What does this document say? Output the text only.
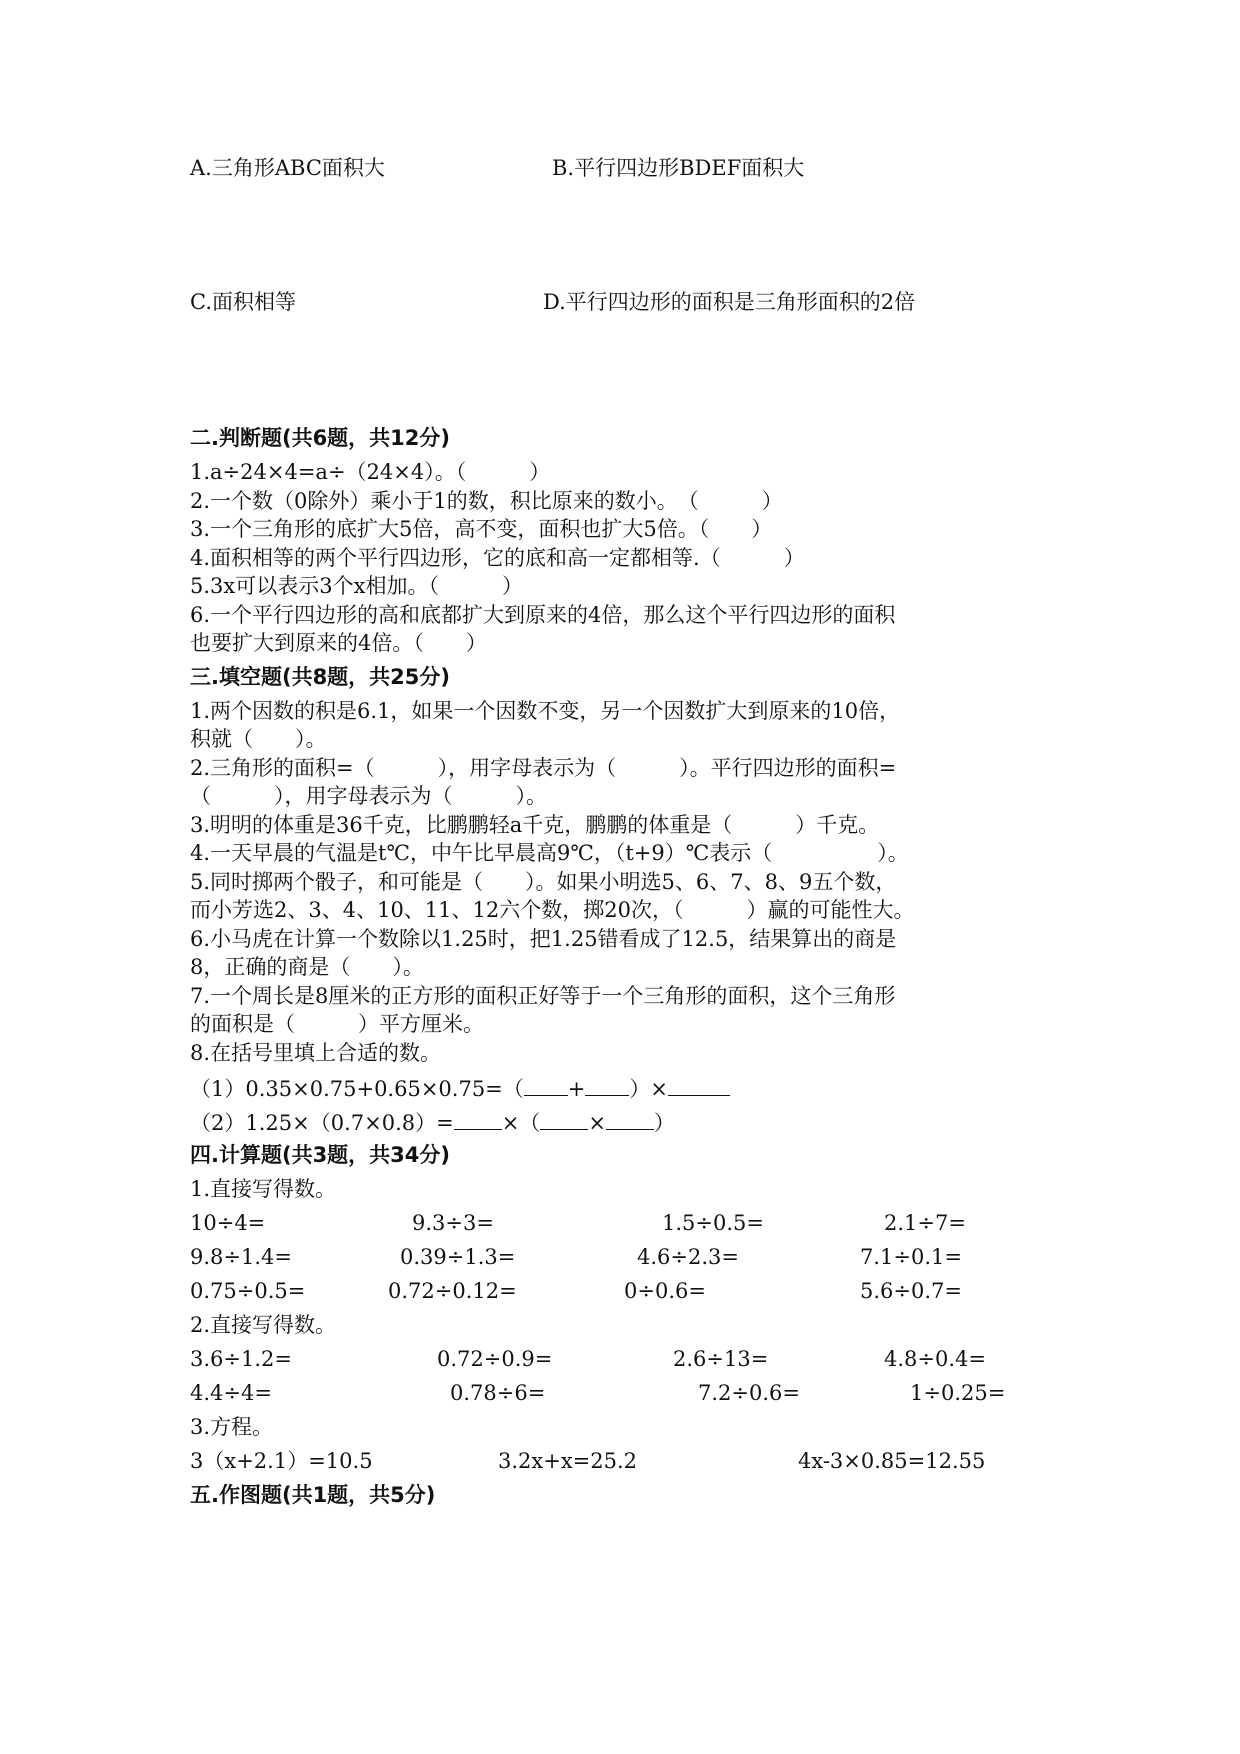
A.三角形ABC面积大	B.平行四边形BDEF面积大
C.面积相等	D.平行四边形的面积是三角形面积的2倍
二.判断题(共6题，共12分)
1.a÷24×4=a÷（24×4）。（　　　）
2.一个数（0除外）乘小于1的数，积比原来的数小。　（　　　）
3.一个三角形的底扩大5倍，高不变，面积也扩大5倍。（　　）
4.面积相等的两个平行四边形，它的底和高一定都相等.（　　　）
5.3x可以表示3个x相加。（　　　）
6.一个平行四边形的高和底都扩大到原来的4倍，那么这个平行四边形的面积
也要扩大到原来的4倍。（　　）
三.填空题(共8题，共25分)
1.两个因数的积是6.1，如果一个因数不变，另一个因数扩大到原来的10倍，
积就（　　）。
2.三角形的面积=（　　　），用字母表示为（　　　）。平行四边形的面积=
（　　　），用字母表示为（　　　）。
3.明明的体重是36千克，比鹏鹏轻a千克，鹏鹏的体重是（　　　）千克。
4.一天早晨的气温是t℃，中午比早晨高9℃，（t+9）℃表示（　　　　　）。
5.同时掷两个骰子，和可能是（　　）。如果小明选5、6、7、8、9五个数，
而小芳选2、3、4、10、11、12六个数，掷20次，（　　　）赢的可能性大。
6.小马虎在计算一个数除以1.25时，把1.25错看成了12.5，结果算出的商是
8，正确的商是（　　）。
7.一个周长是8厘米的正方形的面积正好等于一个三角形的面积，这个三角形
的面积是（　　　）平方厘米。
8.在括号里填上合适的数。
（1）0.35×0.75+0.65×0.75=（ + ）×
（2）1.25×（0.7×0.8）= ×（ × ）
四.计算题(共3题，共34分)
1.直接写得数。
10÷4=	9.3÷3=	1.5÷0.5=	2.1÷7=
9.8÷1.4=	0.39÷1.3=	4.6÷2.3=	7.1÷0.1=
0.75÷0.5=	0.72÷0.12=	0÷0.6=	5.6÷0.7=
2.直接写得数。
3.6÷1.2=	0.72÷0.9=	2.6÷13=	4.8÷0.4=
4.4÷4=	0.78÷6=	7.2÷0.6=	1÷0.25=
3.方程。
3（x+2.1）=10.5	3.2x+x=25.2	4x-3×0.85=12.55
五.作图题(共1题，共5分)
